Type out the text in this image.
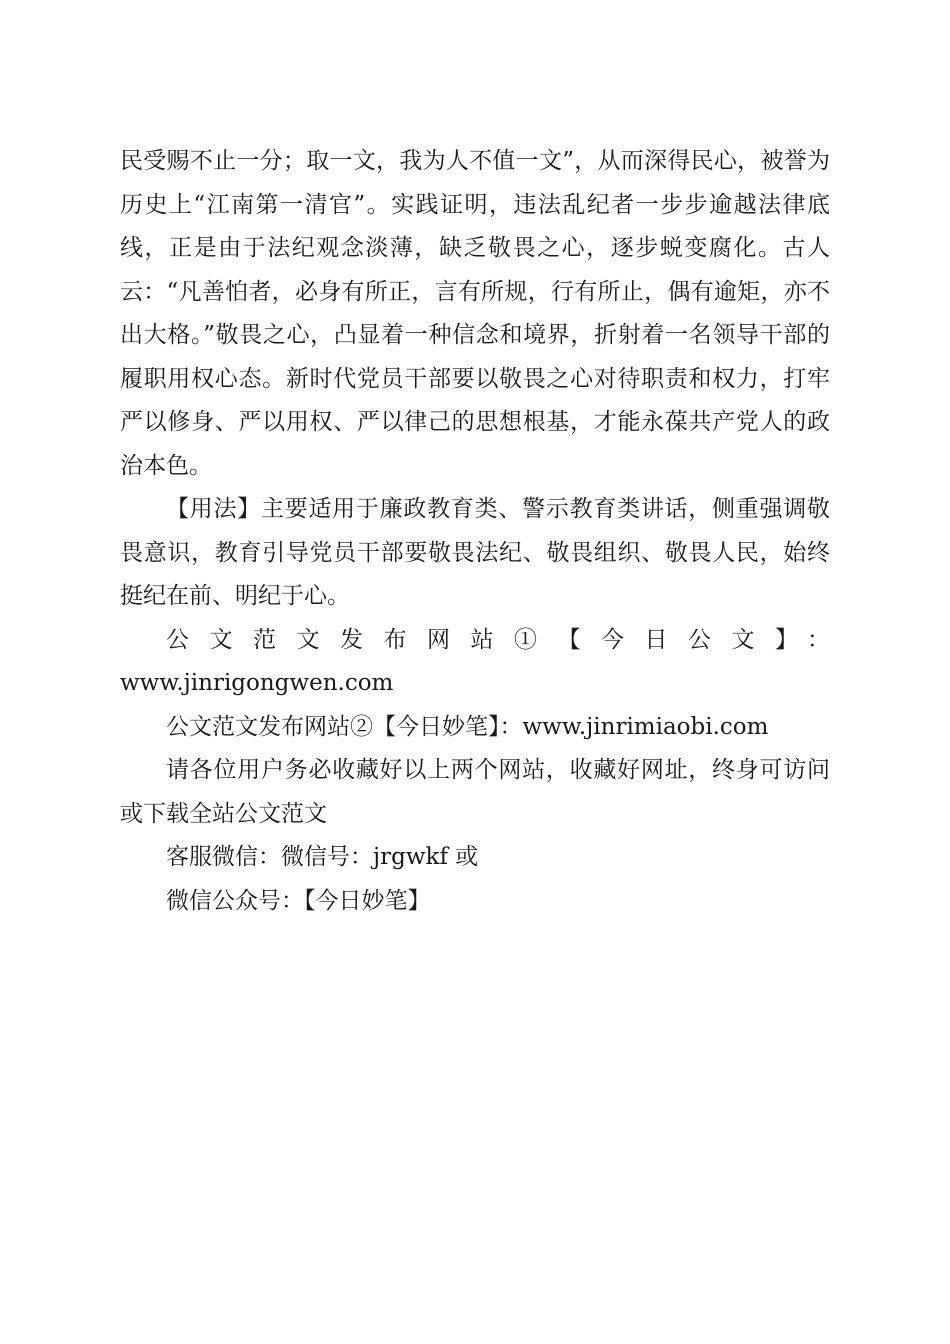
民受赐不止一分；取一文，我为人不值一文”，从而深得民心，被誉为历史上“江南第一清官”。实践证明，违法乱纪者一步步逾越法律底线，正是由于法纪观念淡薄，缺乏敬畏之心，逐步蜕变腐化。古人云：“凡善怕者，必身有所正，言有所规，行有所止，偶有逾矩，亦不出大格。”敬畏之心，凸显着一种信念和境界，折射着一名领导干部的履职用权心态。新时代党员干部要以敬畏之心对待职责和权力，打牢严以修身、严以用权、严以律己的思想根基，才能永葆共产党人的政治本色。

【用法】主要适用于廉政教育类、警示教育类讲话，侧重强调敬畏意识，教育引导党员干部要敬畏法纪、敬畏组织、敬畏人民，始终挺纪在前、明纪于心。

公文范文发布网站①【今日公文】：

www.jinrigongwen.com

公文范文发布网站②【今日妙笔】：www.jinrimiaobi.com

请各位用户务必收藏好以上两个网站，收藏好网址，终身可访问或下载全站公文范文

客服微信：微信号：jrgwkf 或

微信公众号：【今日妙笔】
